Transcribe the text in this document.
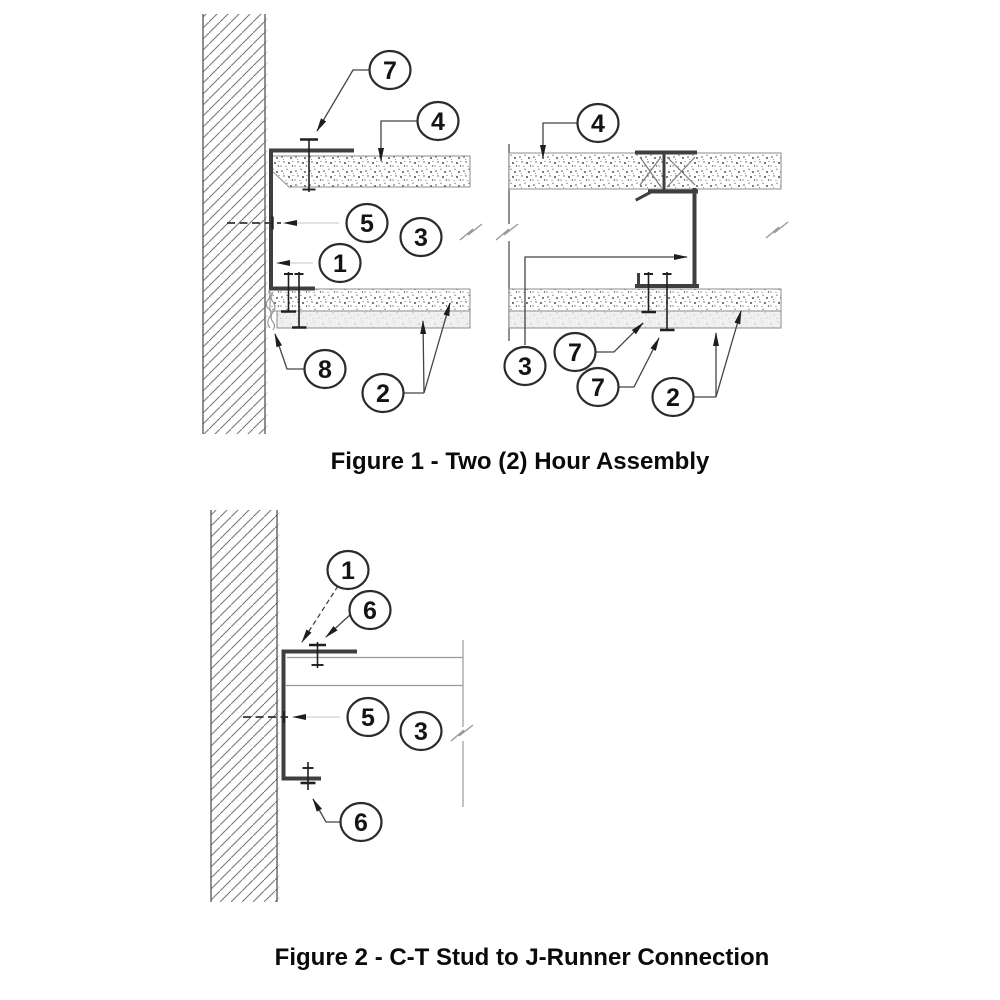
7
4	4
5 3
1
8
2
3 7
7 2
Figure 1 - Two (2) Hour Assembly
1
6
5 3
6
Figure 2 - C-T Stud to J-Runner Connection
